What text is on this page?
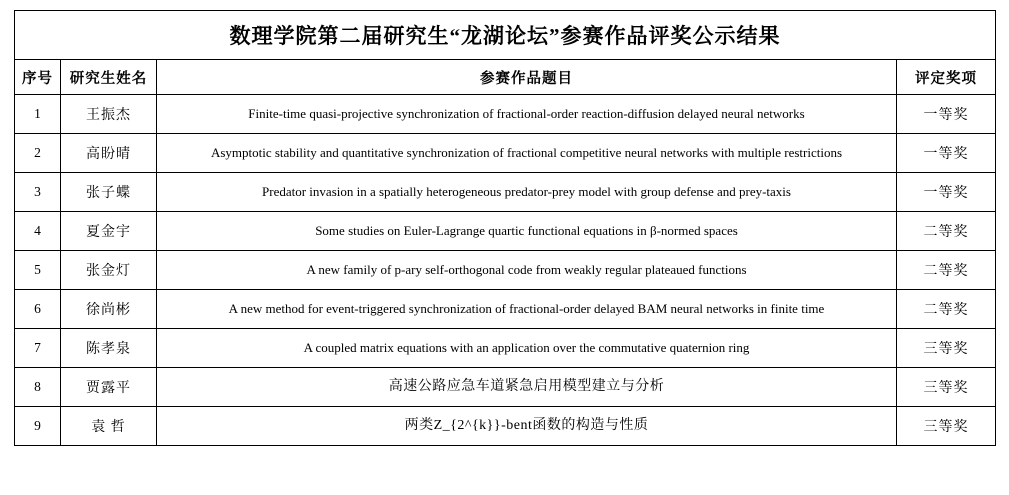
数理学院第二届研究生“龙湖论坛”参赛作品评奖公示结果			
序号	研究生姓名	参赛作品题目	评定奖项
1	王振杰	Finite-time quasi-projective synchronization of fractional-order reaction-diffusion delayed neural networks	一等奖
2	高盼晴	Asymptotic stability and quantitative synchronization of fractional competitive neural networks with multiple restrictions	一等奖
3	张子蝶	Predator invasion in a spatially heterogeneous predator-prey model with group defense and prey-taxis	一等奖
4	夏金宇	Some studies on Euler-Lagrange quartic functional equations in β-normed spaces	二等奖
5	张金灯	A new family of p-ary self-orthogonal code from weakly regular plateaued functions	二等奖
6	徐尚彬	A new method for event-triggered synchronization of fractional-order delayed BAM neural networks in finite time	二等奖
7	陈孝泉	A coupled matrix equations with an application over the commutative quaternion ring	三等奖
8	贾露平	高速公路应急车道紧急启用模型建立与分析	三等奖
9	袁 哲	两类Z_{2^{k}}-bent函数的构造与性质	三等奖
